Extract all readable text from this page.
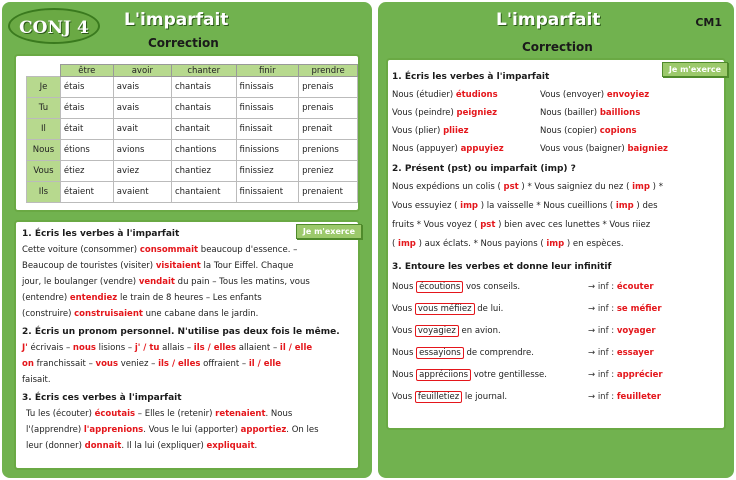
CONJ 4	L'imparfait
Correction
	être	avoir	chanter	finir	prendre
Je	étais	avais	chantais	finissais	prenais
Tu	étais	avais	chantais	finissais	prenais
Il	était	avait	chantait	finissait	prenait
Nous	étions	avions	chantions	finissions	prenions
Vous	étiez	aviez	chantiez	finissiez	preniez
Ils	étaient	avaient	chantaient	finissaient	prenaient
Je m'exerce
1. Écris les verbes à l'imparfait
Cette voiture (consommer) consommait beaucoup d'essence. –
Beaucoup de touristes (visiter) visitaient la Tour Eiffel. Chaque
jour, le boulanger (vendre) vendait du pain – Tous les matins, vous
(entendre) entendiez le train de 8 heures – Les enfants
(construire) construisaient une cabane dans le jardin.
2. Écris un pronom personnel. N'utilise pas deux fois le même.
J' écrivais – nous lisions – j' / tu allais – ils / elles allaient – il / elle
on franchissait – vous veniez – ils / elles offraient – il / elle
faisait.
3. Écris ces verbes à l'imparfait
Tu les (écouter) écoutais – Elles le (retenir) retenaient. Nous
l'(apprendre) l'apprenions. Vous le lui (apporter) apportiez. On les
leur (donner) donnait. Il la lui (expliquer) expliquait.
L'imparfait	CM1
Correction
Je m'exerce
1. Écris les verbes à l'imparfait
Nous (étudier) étudions	Vous (envoyer) envoyiez
Vous (peindre) peigniez	Nous (bailler) baillions
Vous (plier) pliiez	Nous (copier) copions
Nous (appuyer) appuyiez	Vous vous (baigner) baigniez
2. Présent (pst) ou imparfait (imp) ?
Nous expédions un colis ( pst ) * Vous saigniez du nez ( imp ) *
Vous essuyiez ( imp ) la vaisselle * Nous cueillions ( imp ) des
fruits * Vous voyez ( pst ) bien avec ces lunettes * Vous riiez
( imp ) aux éclats. * Nous payions ( imp ) en espèces.
3. Entoure les verbes et donne leur infinitif
Nous écoutions vos conseils.	→ inf : écouter
Vous vous méfiiez de lui.	→ inf : se méfier
Vous voyagiez en avion.	→ inf : voyager
Nous essayions de comprendre.	→ inf : essayer
Nous appréciions votre gentillesse.	→ inf : apprécier
Vous feuilletiez le journal.	→ inf : feuilleter
